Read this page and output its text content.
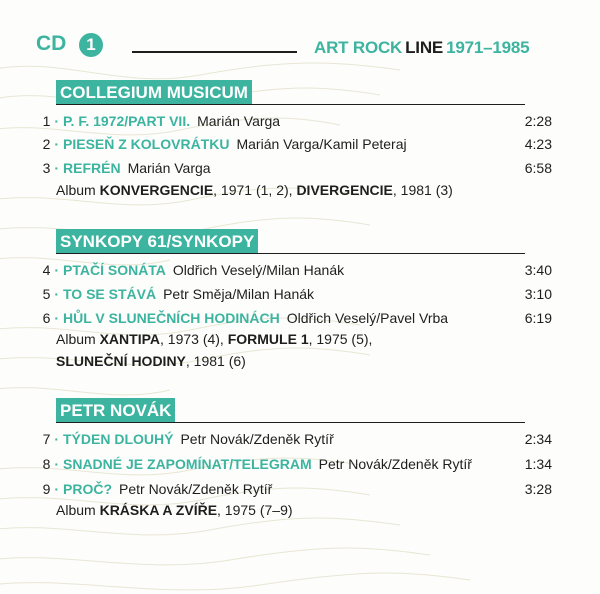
CD	1	ART ROCK LINE 1971–1985
COLLEGIUM MUSICUM
1 · P. F. 1972/PART VII. Marián Varga	2:28
2 · PIESEŇ Z KOLOVRÁTKU Marián Varga/Kamil Peteraj	4:23
3 · REFRÉN Marián Varga	6:58
Album KONVERGENCIE, 1971 (1, 2), DIVERGENCIE, 1981 (3)
SYNKOPY 61/SYNKOPY
4 · PTAČÍ SONÁTA Oldřich Veselý/Milan Hanák	3:40
5 · TO SE STÁVÁ Petr Směja/Milan Hanák	3:10
6 · HŮL V SLUNEČNÍCH HODINÁCH Oldřich Veselý/Pavel Vrba	6:19
Album XANTIPA, 1973 (4), FORMULE 1, 1975 (5),
SLUNEČNÍ HODINY, 1981 (6)
PETR NOVÁK
7 · TÝDEN DLOUHÝ Petr Novák/Zdeněk Rytíř	2:34
8 · SNADNÉ JE ZAPOMÍNAT/TELEGRAM Petr Novák/Zdeněk Rytíř	1:34
9 · PROČ? Petr Novák/Zdeněk Rytíř	3:28
Album KRÁSKA A ZVÍŘE, 1975 (7–9)
